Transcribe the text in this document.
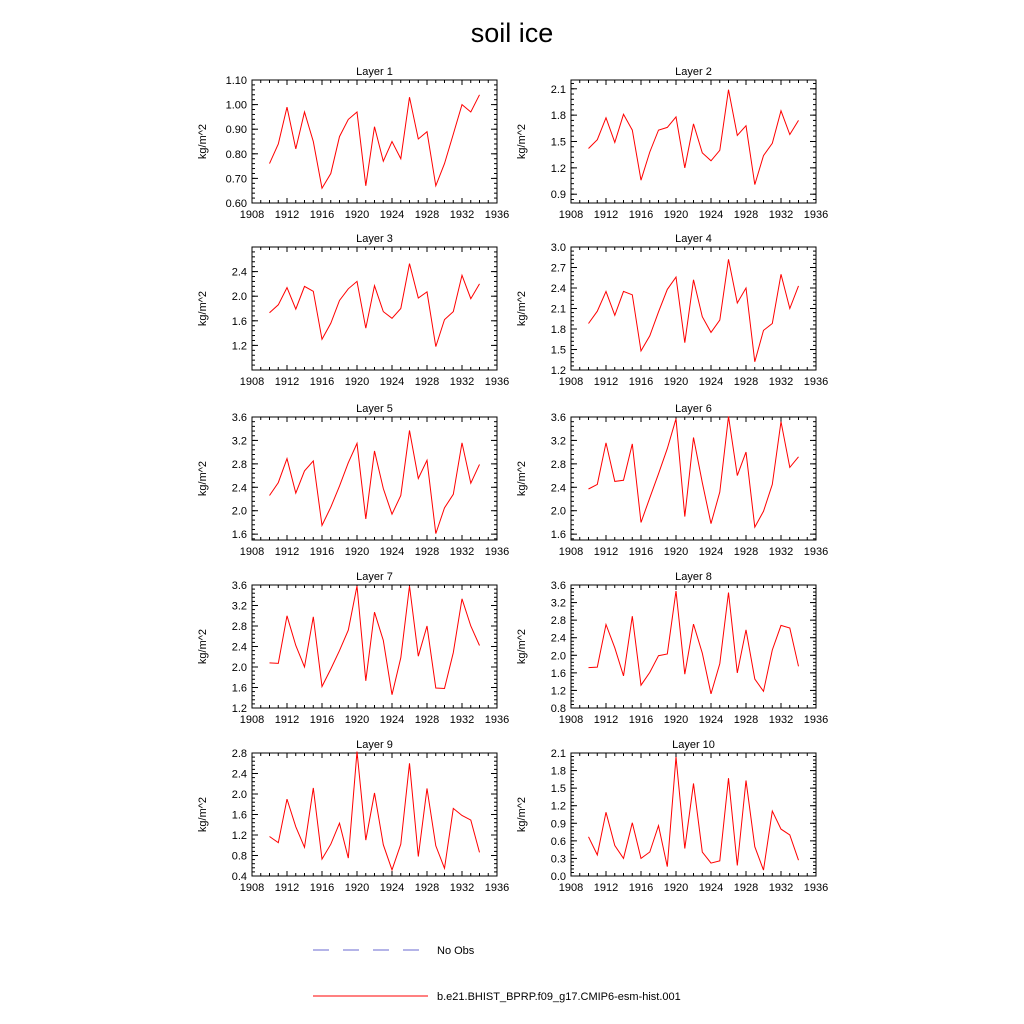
soil ice
Layer 1
kg/m^2
1908 1912 1916 1920 1924 1928 1932 1936
0.60
0.70
0.80
0.90
1.00
1.10
Layer 2
kg/m^2
1908 1912 1916 1920 1924 1928 1932 1936
0.9
1.2
1.5
1.8
2.1
Layer 3
kg/m^2
1908 1912 1916 1920 1924 1928 1932 1936
1.2
1.6
2.0
2.4
Layer 4
kg/m^2
1908 1912 1916 1920 1924 1928 1932 1936
1.2
1.5
1.8
2.1
2.4
2.7
3.0
Layer 5
kg/m^2
1908 1912 1916 1920 1924 1928 1932 1936
1.6
2.0
2.4
2.8
3.2
3.6
Layer 6
kg/m^2
1908 1912 1916 1920 1924 1928 1932 1936
1.6
2.0
2.4
2.8
3.2
3.6
Layer 7
kg/m^2
1908 1912 1916 1920 1924 1928 1932 1936
1.2
1.6
2.0
2.4
2.8
3.2
3.6
Layer 8
kg/m^2
1908 1912 1916 1920 1924 1928 1932 1936
0.8
1.2
1.6
2.0
2.4
2.8
3.2
3.6
Layer 9
kg/m^2
1908 1912 1916 1920 1924 1928 1932 1936
0.4
0.8
1.2
1.6
2.0
2.4
2.8
Layer 10
kg/m^2
1908 1912 1916 1920 1924 1928 1932 1936
0.0
0.3
0.6
0.9
1.2
1.5
1.8
2.1
No Obs
b.e21.BHIST_BPRP.f09_g17.CMIP6-esm-hist.001
